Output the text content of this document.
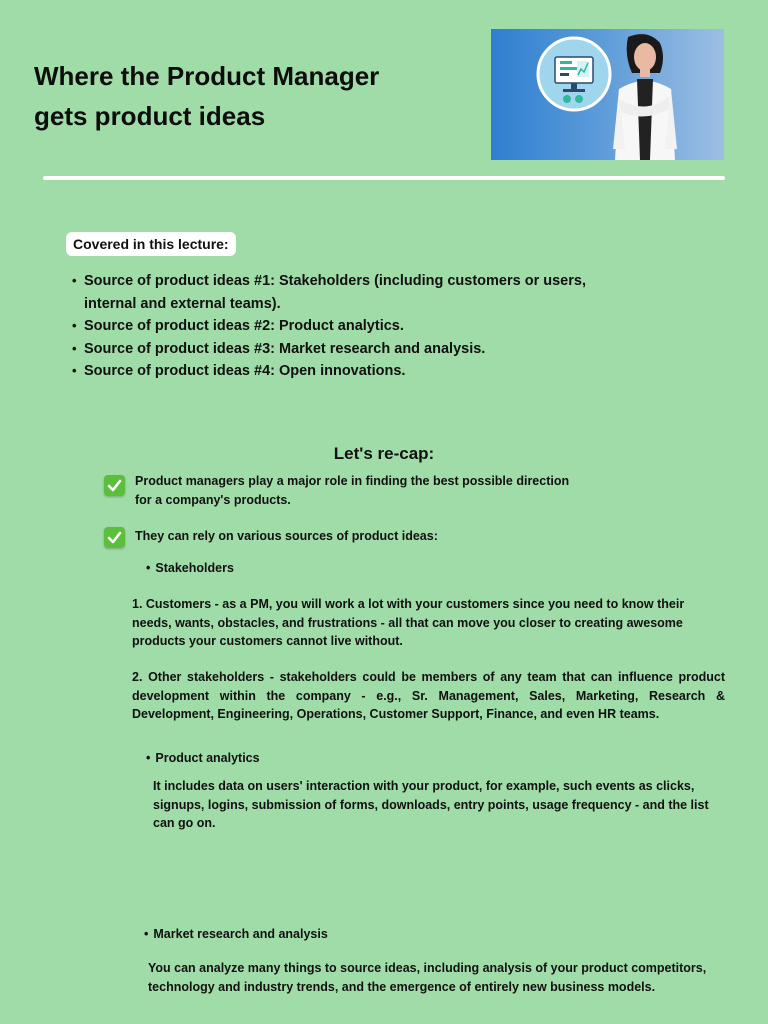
Where the Product Manager
gets product ideas
Covered in this lecture:
• Source of product ideas #1: Stakeholders (including customers or users, internal and external teams).
• Source of product ideas #2: Product analytics.
• Source of product ideas #3: Market research and analysis.
• Source of product ideas #4: Open innovations.
Let's re-cap:
Product managers play a major role in finding the best possible direction
for a company's products.
They can rely on various sources of product ideas:
• Stakeholders
1. Customers - as a PM, you will work a lot with your customers since you need to know their needs, wants, obstacles, and frustrations - all that can move you closer to creating awesome products your customers cannot live without.
2. Other stakeholders - stakeholders could be members of any team that can influence product development within the company - e.g., Sr. Management, Sales, Marketing, Research & Development, Engineering, Operations, Customer Support, Finance, and even HR teams.
• Product analytics
It includes data on users' interaction with your product, for example, such events as clicks, signups, logins, submission of forms, downloads, entry points, usage frequency - and the list can go on.
• Market research and analysis
You can analyze many things to source ideas, including analysis of your product competitors, technology and industry trends, and the emergence of entirely new business models.
